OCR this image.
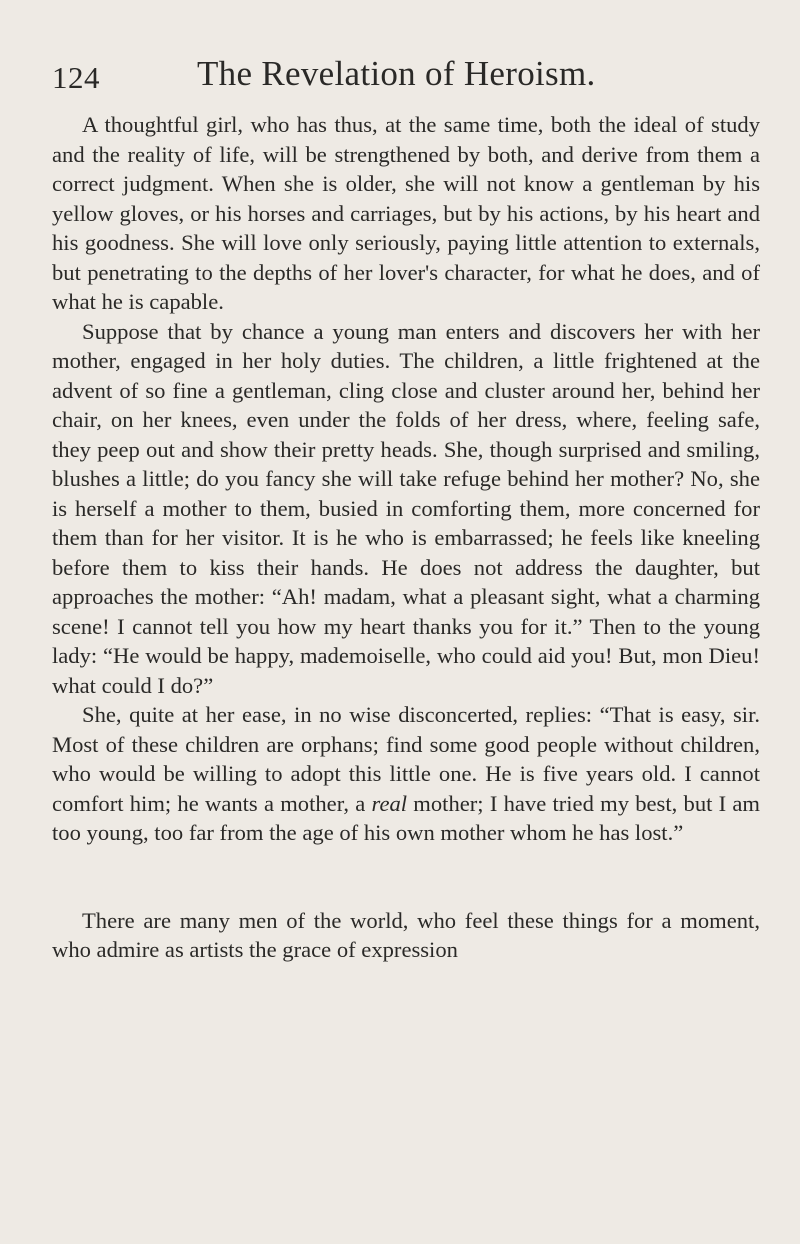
124	The Revelation of Heroism.

A thoughtful girl, who has thus, at the same time, both the ideal of study and the reality of life, will be strengthened by both, and derive from them a correct judgment. When she is older, she will not know a gentleman by his yellow gloves, or his horses and carriages, but by his actions, by his heart and his goodness. She will love only seriously, paying little attention to externals, but penetrating to the depths of her lover's character, for what he does, and of what he is capable.

Suppose that by chance a young man enters and discovers her with her mother, engaged in her holy duties. The children, a little frightened at the advent of so fine a gentleman, cling close and cluster around her, behind her chair, on her knees, even under the folds of her dress, where, feeling safe, they peep out and show their pretty heads. She, though surprised and smiling, blushes a little; do you fancy she will take refuge behind her mother? No, she is herself a mother to them, busied in comforting them, more concerned for them than for her visitor. It is he who is embarrassed; he feels like kneeling before them to kiss their hands. He does not address the daughter, but approaches the mother: “Ah! madam, what a pleasant sight, what a charming scene! I cannot tell you how my heart thanks you for it.” Then to the young lady: “He would be happy, mademoiselle, who could aid you! But, mon Dieu! what could I do?”

She, quite at her ease, in no wise disconcerted, replies: “That is easy, sir. Most of these children are orphans; find some good people without children, who would be willing to adopt this little one. He is five years old. I cannot comfort him; he wants a mother, a real mother; I have tried my best, but I am too young, too far from the age of his own mother whom he has lost.”

There are many men of the world, who feel these things for a moment, who admire as artists the grace of expression
